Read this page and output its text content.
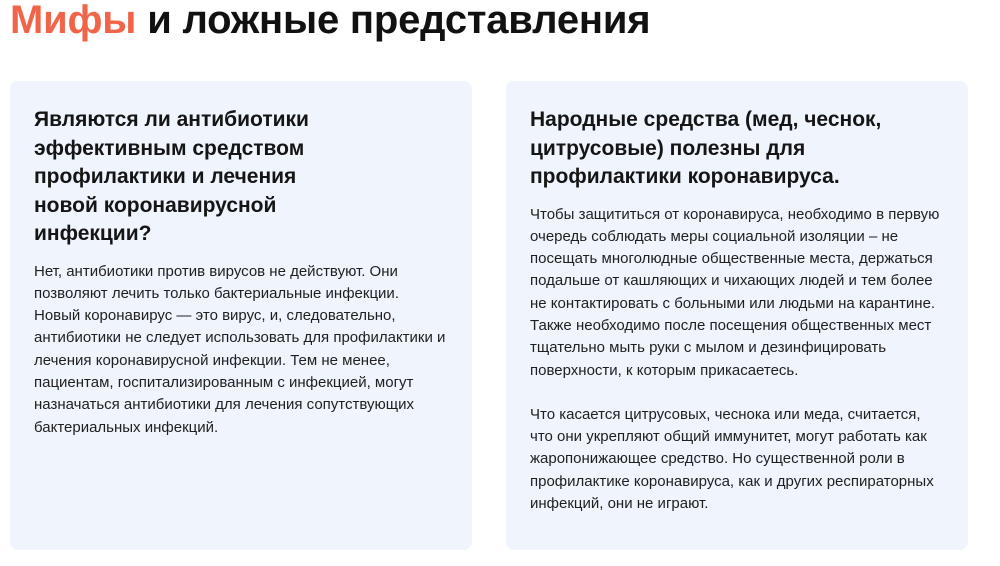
Мифы и ложные представления
Являются ли антибиотики эффективным средством профилактики и лечения новой коронавирусной инфекции?

Нет, антибиотики против вирусов не действуют. Они позволяют лечить только бактериальные инфекции. Новый коронавирус — это вирус, и, следовательно, антибиотики не следует использовать для профилактики и лечения коронавирусной инфекции. Тем не менее, пациентам, госпитализированным с инфекцией, могут назначаться антибиотики для лечения сопутствующих бактериальных инфекций.

Народные средства (мед, чеснок, цитрусовые) полезны для профилактики коронавируса.

Чтобы защититься от коронавируса, необходимо в первую очередь соблюдать меры социальной изоляции – не посещать многолюдные общественные места, держаться подальше от кашляющих и чихающих людей и тем более не контактировать с больными или людьми на карантине. Также необходимо после посещения общественных мест тщательно мыть руки с мылом и дезинфицировать поверхности, к которым прикасаетесь.

Что касается цитрусовых, чеснока или меда, считается, что они укрепляют общий иммунитет, могут работать как жаропонижающее средство. Но существенной роли в профилактике коронавируса, как и других респираторных инфекций, они не играют.
